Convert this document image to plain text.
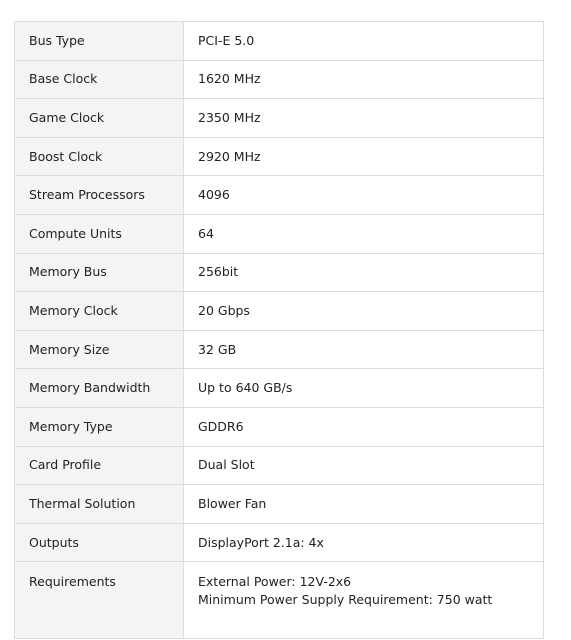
Bus Type	PCI-E 5.0
Base Clock	1620 MHz
Game Clock	2350 MHz
Boost Clock	2920 MHz
Stream Processors	4096
Compute Units	64
Memory Bus	256bit
Memory Clock	20 Gbps
Memory Size	32 GB
Memory Bandwidth	Up to 640 GB/s
Memory Type	GDDR6
Card Profile	Dual Slot
Thermal Solution	Blower Fan
Outputs	DisplayPort 2.1a: 4x
Requirements	External Power: 12V-2x6
Minimum Power Supply Requirement: 750 watt
